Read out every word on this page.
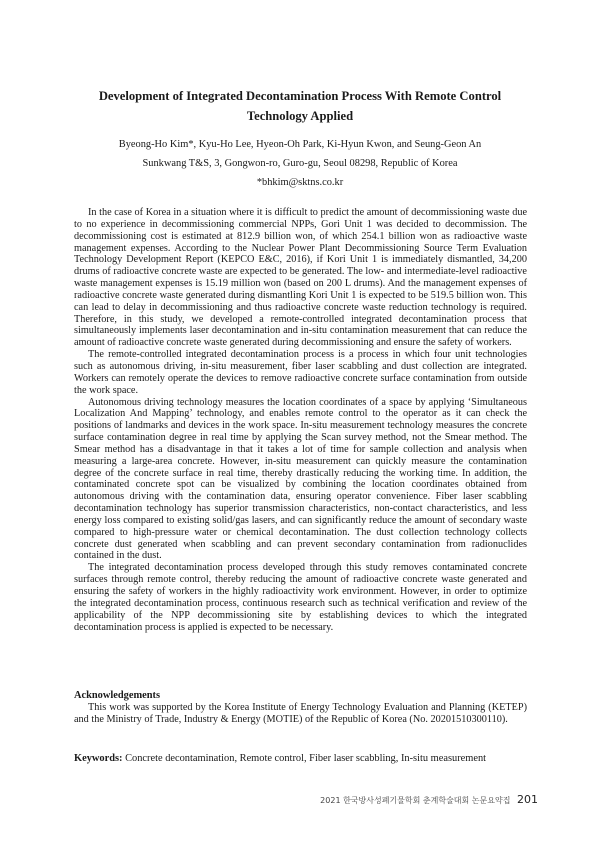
Development of Integrated Decontamination Process With Remote Control Technology Applied
Byeong-Ho Kim*, Kyu-Ho Lee, Hyeon-Oh Park, Ki-Hyun Kwon, and Seung-Geon An
Sunkwang T&S, 3, Gongwon-ro, Guro-gu, Seoul 08298, Republic of Korea
*bhkim@sktns.co.kr

In the case of Korea in a situation where it is difficult to predict the amount of decommissioning waste due to no experience in decommissioning commercial NPPs, Gori Unit 1 was decided to decommission. The decommissioning cost is estimated at 812.9 billion won, of which 254.1 billion won as radioactive waste management expenses. According to the Nuclear Power Plant Decommissioning Source Term Evaluation Technology Development Report (KEPCO E&C, 2016), if Kori Unit 1 is immediately dismantled, 34,200 drums of radioactive concrete waste are expected to be generated. The low- and intermediate-level radioactive waste management expenses is 15.19 million won (based on 200 L drums). And the management expenses of radioactive concrete waste generated during dismantling Kori Unit 1 is expected to be 519.5 billion won. This can lead to delay in decommissioning and thus radioactive concrete waste reduction technology is required. Therefore, in this study, we developed a remote-controlled integrated decontamination process that simultaneously implements laser decontamination and in-situ contamination measurement that can reduce the amount of radioactive concrete waste generated during decommissioning and ensure the safety of workers.

The remote-controlled integrated decontamination process is a process in which four unit technologies such as autonomous driving, in-situ measurement, fiber laser scabbling and dust collection are integrated. Workers can remotely operate the devices to remove radioactive concrete surface contamination from outside the work space.

Autonomous driving technology measures the location coordinates of a space by applying ‘Simultaneous Localization And Mapping’ technology, and enables remote control to the operator as it can check the positions of landmarks and devices in the work space. In-situ measurement technology measures the concrete surface contamination degree in real time by applying the Scan survey method, not the Smear method. The Smear method has a disadvantage in that it takes a lot of time for sample collection and analysis when measuring a large-area concrete. However, in-situ measurement can quickly measure the contamination degree of the concrete surface in real time, thereby drastically reducing the working time. In addition, the contaminated concrete spot can be visualized by combining the location coordinates obtained from autonomous driving with the contamination data, ensuring operator convenience. Fiber laser scabbling decontamination technology has superior transmission characteristics, non-contact characteristics, and less energy loss compared to existing solid/gas lasers, and can significantly reduce the amount of secondary waste compared to high-pressure water or chemical decontamination. The dust collection technology collects concrete dust generated when scabbling and can prevent secondary contamination from radionuclides contained in the dust.

The integrated decontamination process developed through this study removes contaminated concrete surfaces through remote control, thereby reducing the amount of radioactive concrete waste generated and ensuring the safety of workers in the highly radioactivity work environment. However, in order to optimize the integrated decontamination process, continuous research such as technical verification and review of the applicability of the NPP decommissioning site by establishing devices to which the integrated decontamination process is applied is expected to be necessary.

Acknowledgements

This work was supported by the Korea Institute of Energy Technology Evaluation and Planning (KETEP) and the Ministry of Trade, Industry & Energy (MOTIE) of the Republic of Korea (No. 20201510300110).

Keywords: Concrete decontamination, Remote control, Fiber laser scabbling, In-situ measurement
2021 한국방사성폐기물학회 춘계학술대회 논문요약집 201
